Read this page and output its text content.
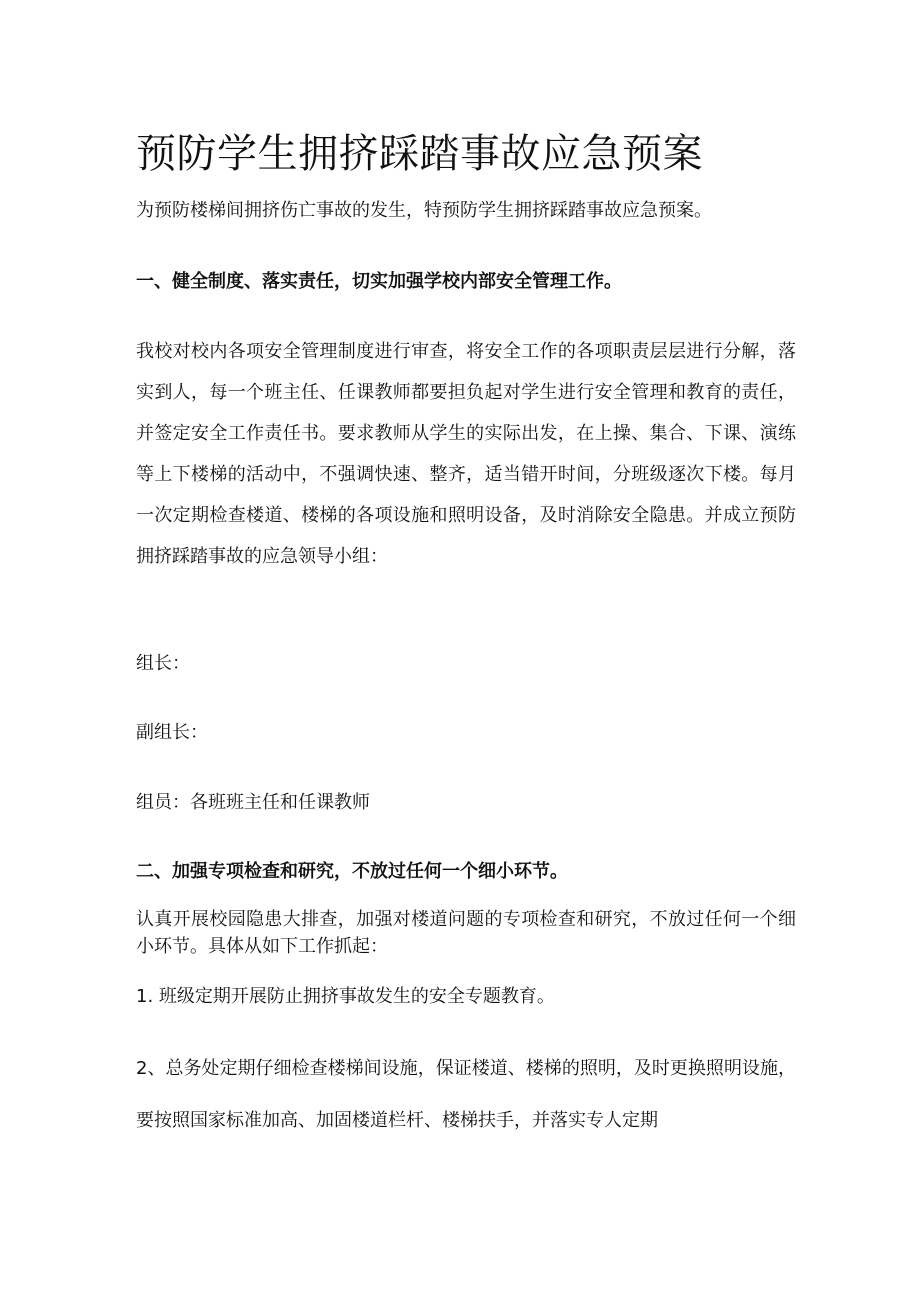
预防学生拥挤踩踏事故应急预案

为预防楼梯间拥挤伤亡事故的发生，特预防学生拥挤踩踏事故应急预案。

一、健全制度、落实责任，切实加强学校内部安全管理工作。

我校对校内各项安全管理制度进行审查，将安全工作的各项职责层层进行分解，落实到人，每一个班主任、任课教师都要担负起对学生进行安全管理和教育的责任，并签定安全工作责任书。要求教师从学生的实际出发，在上操、集合、下课、演练等上下楼梯的活动中，不强调快速、整齐，适当错开时间，分班级逐次下楼。每月一次定期检查楼道、楼梯的各项设施和照明设备，及时消除安全隐患。并成立预防拥挤踩踏事故的应急领导小组：

组长：

副组长：

组员：各班班主任和任课教师

二、加强专项检查和研究，不放过任何一个细小环节。

认真开展校园隐患大排查，加强对楼道问题的专项检查和研究，不放过任何一个细小环节。具体从如下工作抓起：

1. 班级定期开展防止拥挤事故发生的安全专题教育。

2、总务处定期仔细检查楼梯间设施，保证楼道、楼梯的照明，及时更换照明设施，要按照国家标准加高、加固楼道栏杆、楼梯扶手，并落实专人定期
